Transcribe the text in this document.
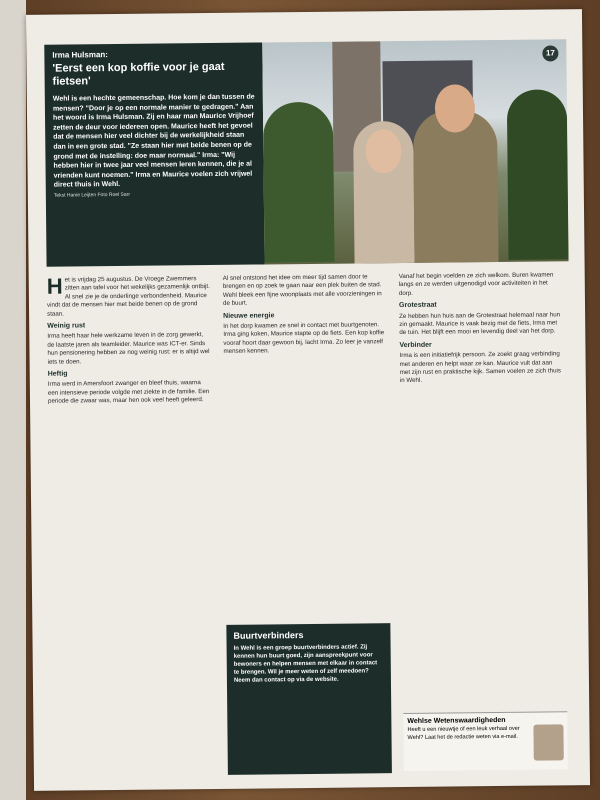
Irma Hulsman:
'Eerst een kop koffie voor je gaat fietsen'

Wehl is een hechte gemeenschap. Hoe kom je dan tussen de mensen? "Door je op een normale manier te gedragen." Aan het woord is Irma Hulsman. Zij en haar man Maurice Vrijhoef zetten de deur voor iedereen open. Maurice heeft het gevoel dat de mensen hier veel dichter bij de werkelijkheid staan dan in een grote stad. "Ze staan hier met beide benen op de grond met de instelling: doe maar normaal." Irma: "Wij hebben hier in twee jaar veel mensen leren kennen, die je al vrienden kunt noemen." Irma en Maurice voelen zich vrijwel direct thuis in Wehl.

Tekst Hanie Leijten Foto Roel Sarr
17

Het is vrijdag 25 augustus. De Vroege Zwemmers zitten aan tafel voor het wekelijks gezamenlijk ontbijt. Al snel zie je de onderlinge verbondenheid. Maurice vindt dat de mensen hier met beide benen op de grond staan.

Weinig rust

Irma heeft haar hele werkzame leven in de zorg gewerkt, de laatste jaren als teamleider. Maurice was ICT-er. Sinds hun pensionering hebben ze nog weinig rust: er is altijd wel iets te doen.

Heftig

Irma werd in Amersfoort zwanger en bleef thuis, waarna een intensieve periode volgde met ziekte in de familie. Een periode die zwaar was, maar hen ook veel heeft geleerd.

Al snel ontstond het idee om meer tijd samen door te brengen en op zoek te gaan naar een plek buiten de stad. Wehl bleek een fijne woonplaats met alle voorzieningen in de buurt.

Nieuwe energie

In het dorp kwamen ze snel in contact met buurtgenoten. Irma ging koken, Maurice stapte op de fiets. Een kop koffie vooraf hoort daar gewoon bij, lacht Irma. Zo leer je vanzelf mensen kennen.

Buurtverbinders

In Wehl is een groep buurtverbinders actief. Zij kennen hun buurt goed, zijn aanspreekpunt voor bewoners en helpen mensen met elkaar in contact te brengen. Wil je meer weten of zelf meedoen? Neem dan contact op via de website.

Vanaf het begin voelden ze zich welkom. Buren kwamen langs en ze werden uitgenodigd voor activiteiten in het dorp.

Grotestraat

Ze hebben hun huis aan de Grotestraat helemaal naar hun zin gemaakt. Maurice is vaak bezig met de fiets, Irma met de tuin. Het blijft een mooi en levendig deel van het dorp.

Verbinder

Irma is een initiatiefrijk persoon. Ze zoekt graag verbinding met anderen en helpt waar ze kan. Maurice vult dat aan met zijn rust en praktische kijk. Samen voelen ze zich thuis in Wehl.

Wehlse Wetenswaardigheden

Heeft u een nieuwtje of een leuk verhaal over Wehl? Laat het de redactie weten via e-mail.
